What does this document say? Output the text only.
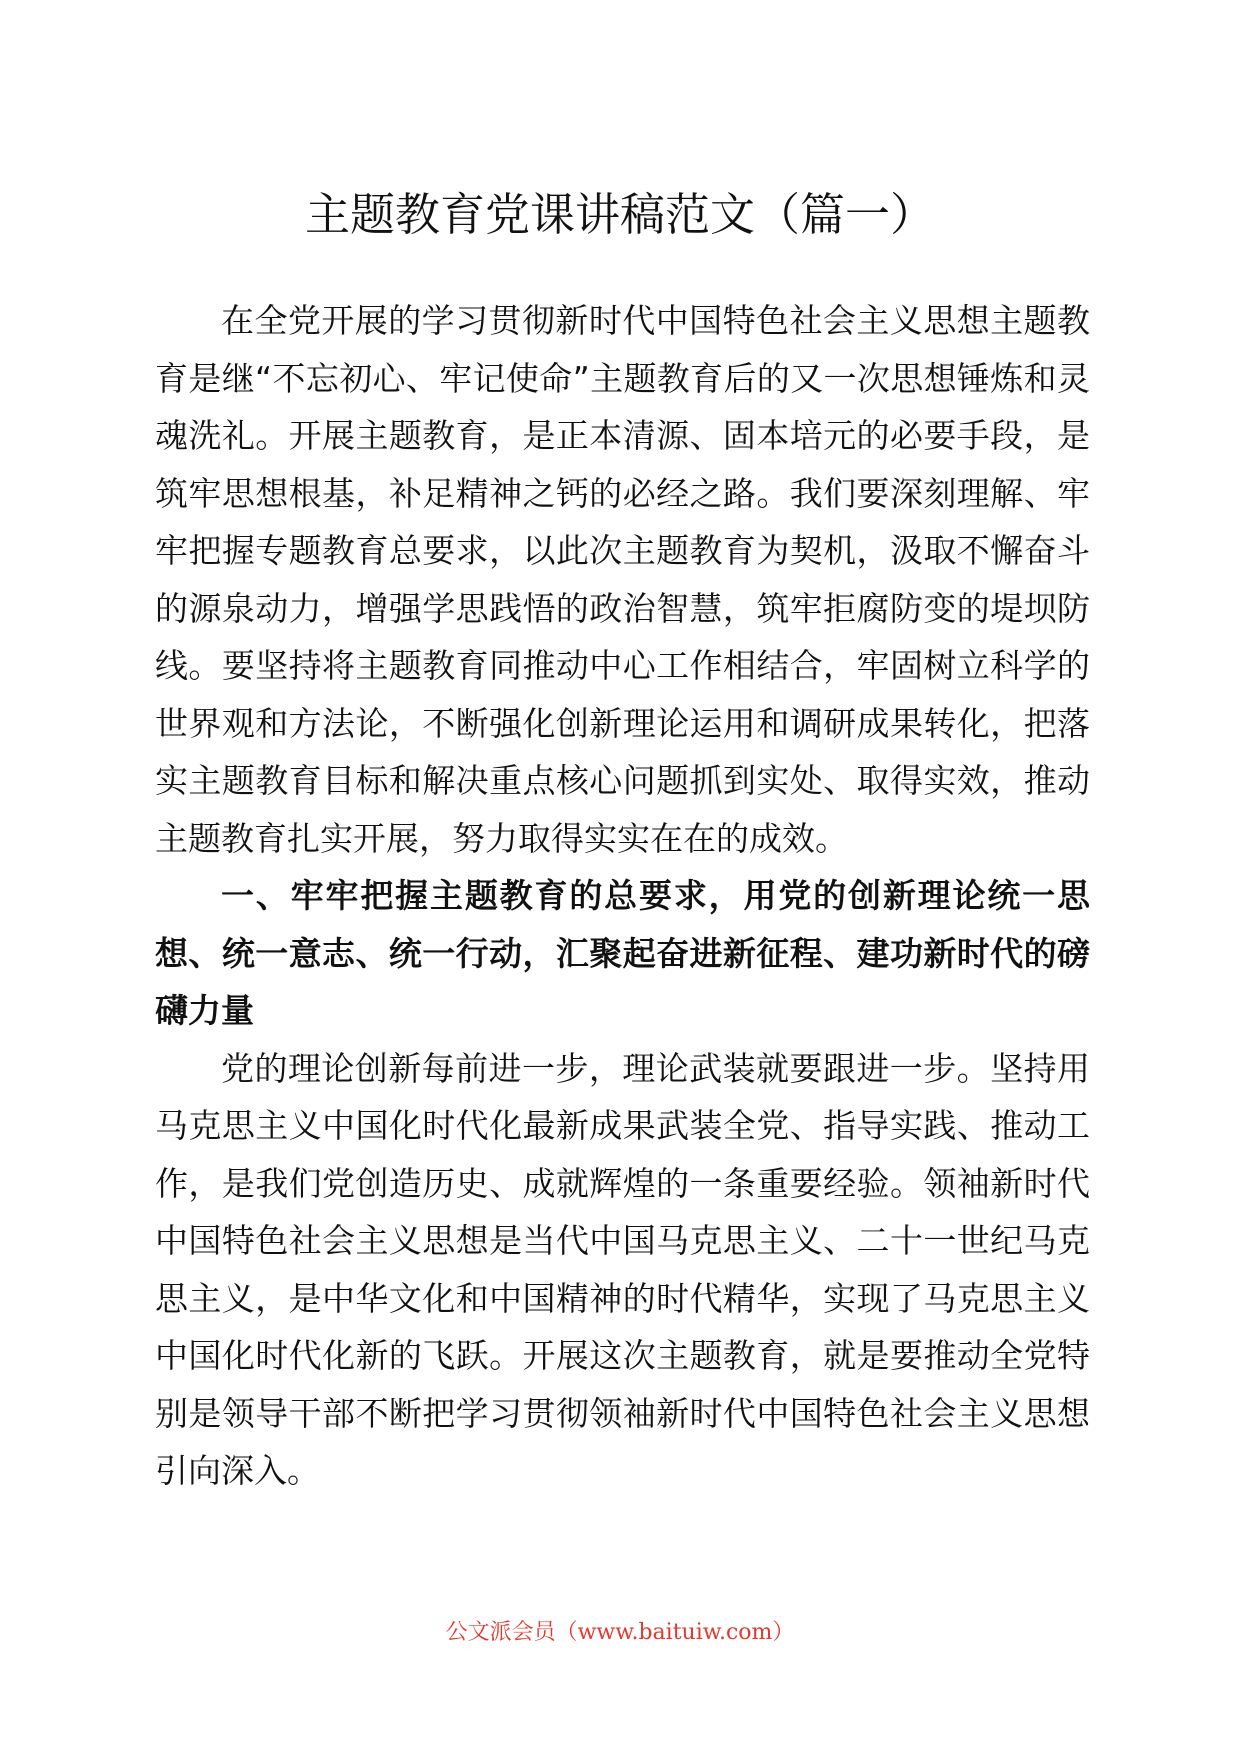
主题教育党课讲稿范文（篇一）

在全党开展的学习贯彻新时代中国特色社会主义思想主题教育是继“不忘初心、牢记使命”主题教育后的又一次思想锤炼和灵魂洗礼。开展主题教育，是正本清源、固本培元的必要手段，是筑牢思想根基，补足精神之钙的必经之路。我们要深刻理解、牢牢把握专题教育总要求，以此次主题教育为契机，汲取不懈奋斗的源泉动力，增强学思践悟的政治智慧，筑牢拒腐防变的堤坝防线。要坚持将主题教育同推动中心工作相结合，牢固树立科学的世界观和方法论，不断强化创新理论运用和调研成果转化，把落实主题教育目标和解决重点核心问题抓到实处、取得实效，推动主题教育扎实开展，努力取得实实在在的成效。

一、牢牢把握主题教育的总要求，用党的创新理论统一思想、统一意志、统一行动，汇聚起奋进新征程、建功新时代的磅礴力量

党的理论创新每前进一步，理论武装就要跟进一步。坚持用马克思主义中国化时代化最新成果武装全党、指导实践、推动工作，是我们党创造历史、成就辉煌的一条重要经验。领袖新时代中国特色社会主义思想是当代中国马克思主义、二十一世纪马克思主义，是中华文化和中国精神的时代精华，实现了马克思主义中国化时代化新的飞跃。开展这次主题教育，就是要推动全党特别是领导干部不断把学习贯彻领袖新时代中国特色社会主义思想引向深入。

公文派会员（www.baituiw.com）
